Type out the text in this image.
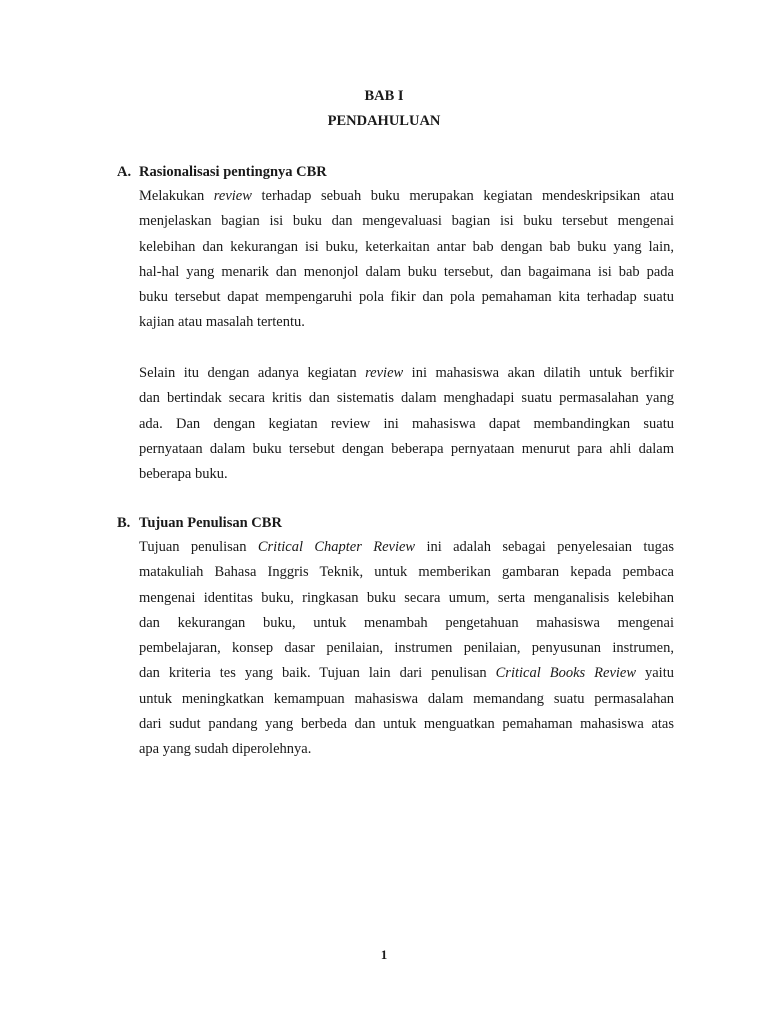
BAB I
PENDAHULUAN
A. Rasionalisasi pentingnya CBR
Melakukan review terhadap sebuah buku merupakan kegiatan mendeskripsikan atau
menjelaskan bagian isi buku dan mengevaluasi bagian isi buku tersebut mengenai
kelebihan dan kekurangan isi buku, keterkaitan antar bab dengan bab buku yang lain,
hal-hal yang menarik dan menonjol dalam buku tersebut, dan bagaimana isi bab pada
buku tersebut dapat mempengaruhi pola fikir dan pola pemahaman kita terhadap suatu
kajian atau masalah tertentu.
Selain itu dengan adanya kegiatan review ini mahasiswa akan dilatih untuk berfikir
dan bertindak secara kritis dan sistematis dalam menghadapi suatu permasalahan yang
ada. Dan dengan kegiatan review ini mahasiswa dapat membandingkan suatu
pernyataan dalam buku tersebut dengan beberapa pernyataan menurut para ahli dalam
beberapa buku.
B. Tujuan Penulisan CBR
Tujuan penulisan Critical Chapter Review ini adalah sebagai penyelesaian tugas
matakuliah Bahasa Inggris Teknik, untuk memberikan gambaran kepada pembaca
mengenai identitas buku, ringkasan buku secara umum, serta menganalisis kelebihan
dan kekurangan buku, untuk menambah pengetahuan mahasiswa mengenai
pembelajaran, konsep dasar penilaian, instrumen penilaian, penyusunan instrumen,
dan kriteria tes yang baik. Tujuan lain dari penulisan Critical Books Review yaitu
untuk meningkatkan kemampuan mahasiswa dalam memandang suatu permasalahan
dari sudut pandang yang berbeda dan untuk menguatkan pemahaman mahasiswa atas
apa yang sudah diperolehnya.
1
